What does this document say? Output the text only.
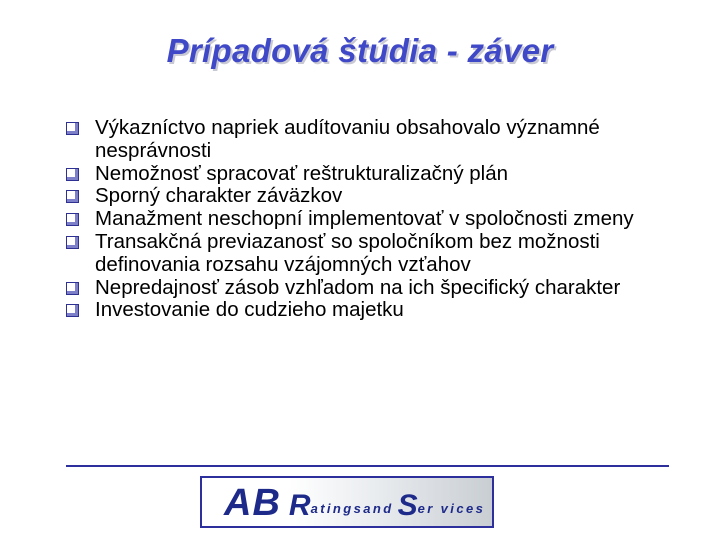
Prípadová štúdia - záver
Výkazníctvo napriek audítovaniu obsahovalo významné nesprávnosti
Nemožnosť spracovať reštrukturalizačný plán
Sporný charakter záväzkov
Manažment neschopní implementovať v spoločnosti zmeny
Transakčná previazanosť so spoločníkom bez možnosti definovania rozsahu vzájomných vzťahov
Nepredajnosť zásob vzhľadom na ich špecifický charakter
Investovanie do cudzieho majetku
AB R atingsand S er vices
